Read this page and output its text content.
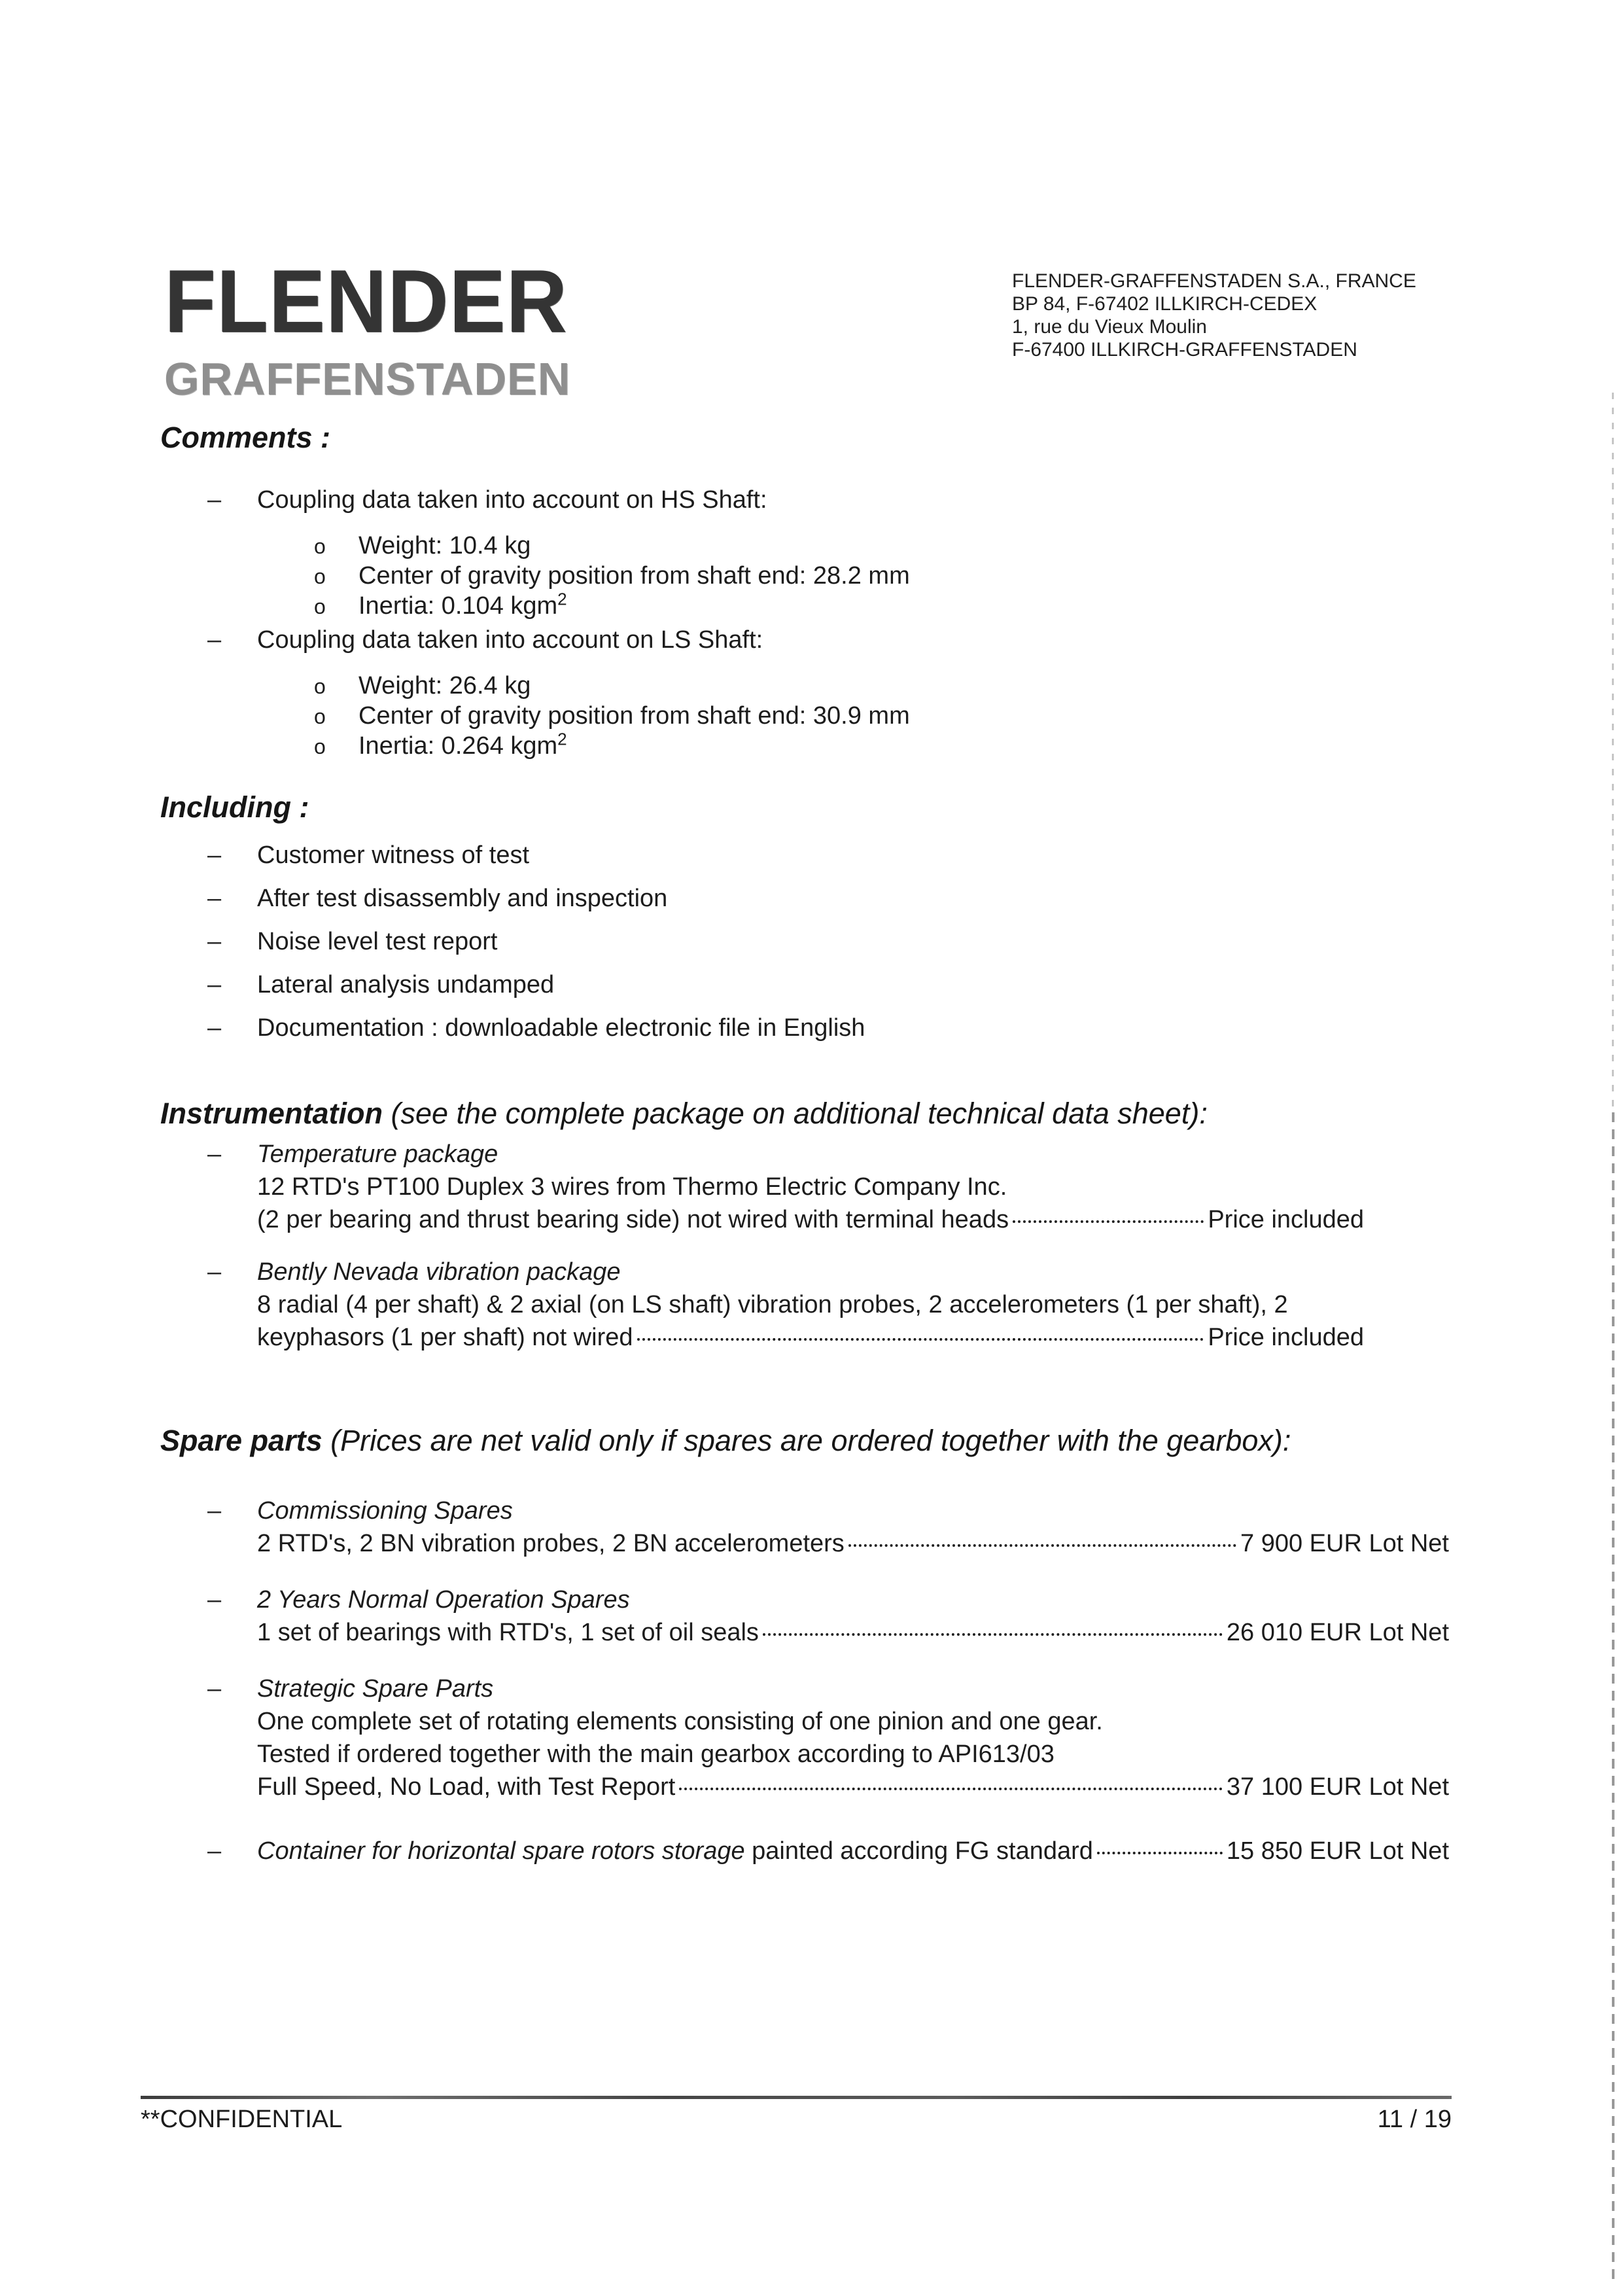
FLENDER
GRAFFENSTADEN
FLENDER-GRAFFENSTADEN S.A., FRANCE
BP 84, F-67402 ILLKIRCH-CEDEX
1, rue du Vieux Moulin
F-67400 ILLKIRCH-GRAFFENSTADEN
Comments :
– Coupling data taken into account on HS Shaft:
o Weight: 10.4 kg
o Center of gravity position from shaft end: 28.2 mm
o Inertia: 0.104 kgm$^2$
– Coupling data taken into account on LS Shaft:
o Weight: 26.4 kg
o Center of gravity position from shaft end: 30.9 mm
o Inertia: 0.264 kgm$^2$
Including :
– Customer witness of test
– After test disassembly and inspection
– Noise level test report
– Lateral analysis undamped
– Documentation : downloadable electronic file in English
Instrumentation (see the complete package on additional technical data sheet):
– Temperature package
12 RTD's PT100 Duplex 3 wires from Thermo Electric Company Inc.
(2 per bearing and thrust bearing side) not wired with terminal heads	Price included
– Bently Nevada vibration package
8 radial (4 per shaft) & 2 axial (on LS shaft) vibration probes, 2 accelerometers (1 per shaft), 2
keyphasors (1 per shaft) not wired	Price included
Spare parts (Prices are net valid only if spares are ordered together with the gearbox):
– Commissioning Spares
2 RTD's, 2 BN vibration probes, 2 BN accelerometers	7 900 EUR Lot Net
– 2 Years Normal Operation Spares
1 set of bearings with RTD's, 1 set of oil seals	26 010 EUR Lot Net
– Strategic Spare Parts
One complete set of rotating elements consisting of one pinion and one gear.
Tested if ordered together with the main gearbox according to API613/03
Full Speed, No Load, with Test Report	37 100 EUR Lot Net
– Container for horizontal spare rotors storage painted according FG standard	15 850 EUR Lot Net
**CONFIDENTIAL	11 / 19
